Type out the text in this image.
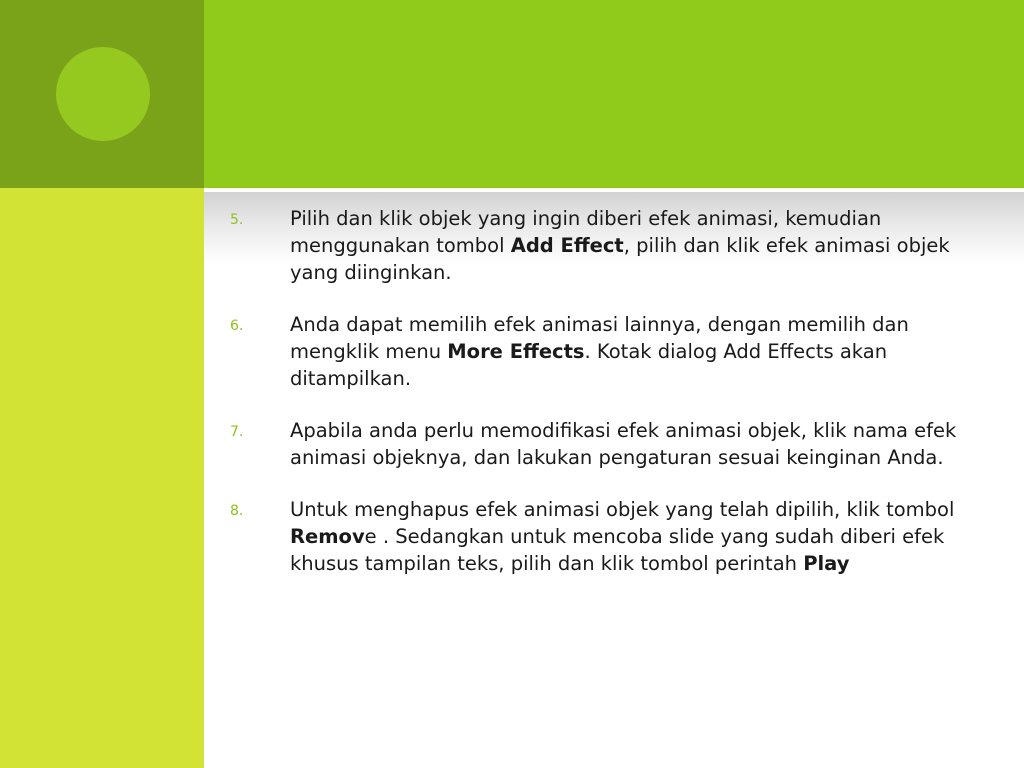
5.	Pilih dan klik objek yang ingin diberi efek animasi, kemudian menggunakan tombol Add Effect, pilih dan klik efek animasi objek yang diinginkan.
6.	Anda dapat memilih efek animasi lainnya, dengan memilih dan mengklik menu More Effects. Kotak dialog Add Effects akan ditampilkan.
7.	Apabila anda perlu memodifikasi efek animasi objek, klik nama efek animasi objeknya, dan lakukan pengaturan sesuai keinginan Anda.
8.	Untuk menghapus efek animasi objek yang telah dipilih, klik tombol Remove . Sedangkan untuk mencoba slide yang sudah diberi efek khusus tampilan teks, pilih dan klik tombol perintah Play
